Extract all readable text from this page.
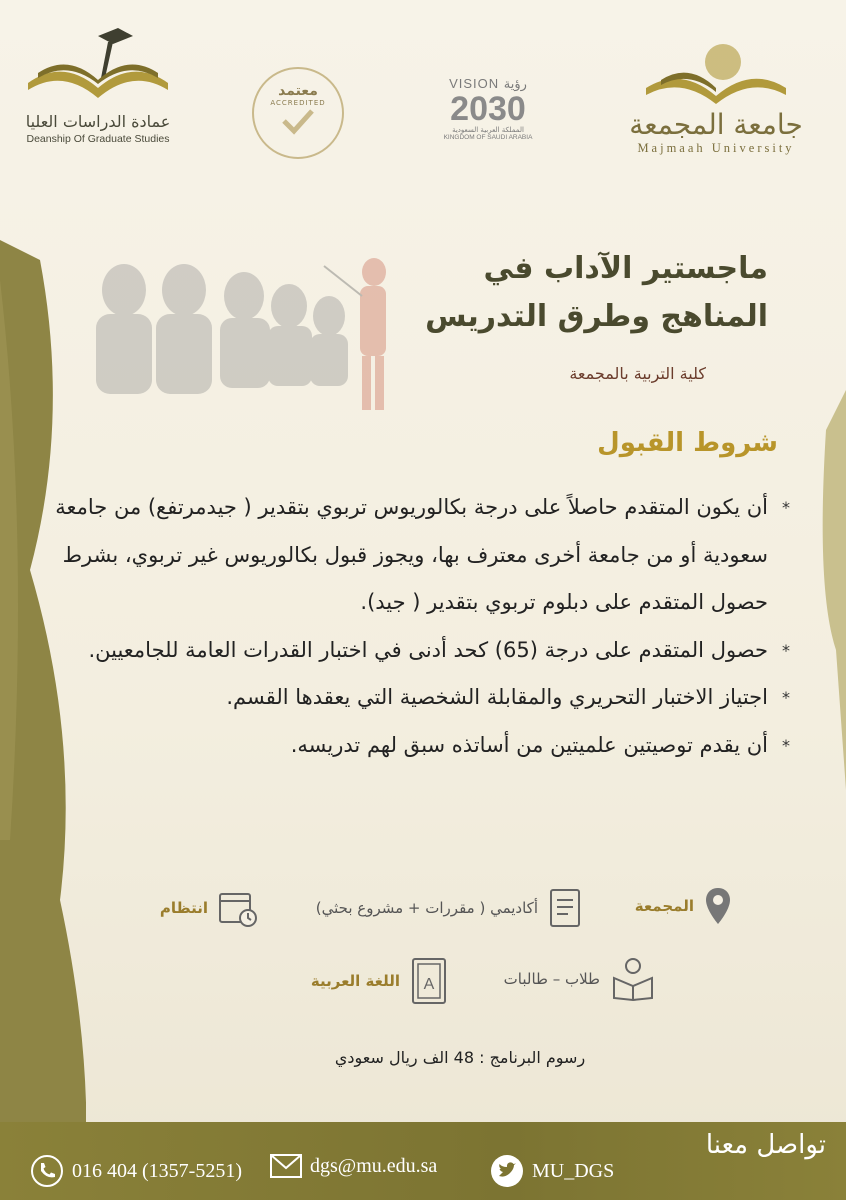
عمادة الدراسات العليا
Deanship Of Graduate Studies
معتمد
ACCREDITED
VISION رؤية
2030
المملكة العربية السعودية
KINGDOM OF SAUDI ARABIA	جامعة المجمعة
Majmaah University
ماجستير الآداب في
المناهج وطرق التدريس
كلية التربية بالمجمعة
شروط القبول
*
أن يكون المتقدم حاصلاً على درجة بكالوريوس تربوي بتقدير ( جيدمرتفع) من جامعة سعودية أو من جامعة أخرى معترف بها، ويجوز قبول بكالوريوس غير تربوي، بشرط حصول المتقدم على دبلوم تربوي بتقدير ( جيد).
*
حصول المتقدم على درجة (65) كحد أدنى في اختبار القدرات العامة للجامعيين.
*
اجتياز الاختبار التحريري والمقابلة الشخصية التي يعقدها القسم.
*
أن يقدم توصيتين علميتين من أساتذه سبق لهم تدريسه.
المجمعة
أكاديمي ( مقررات + مشروع بحثي)
انتظام
طلاب – طالبات
A
اللغة العربية
رسوم البرنامج : 48 الف ريال سعودي
تواصل معنا
016 404 (1357-5251)	dgs@mu.edu.sa	MU_DGS
